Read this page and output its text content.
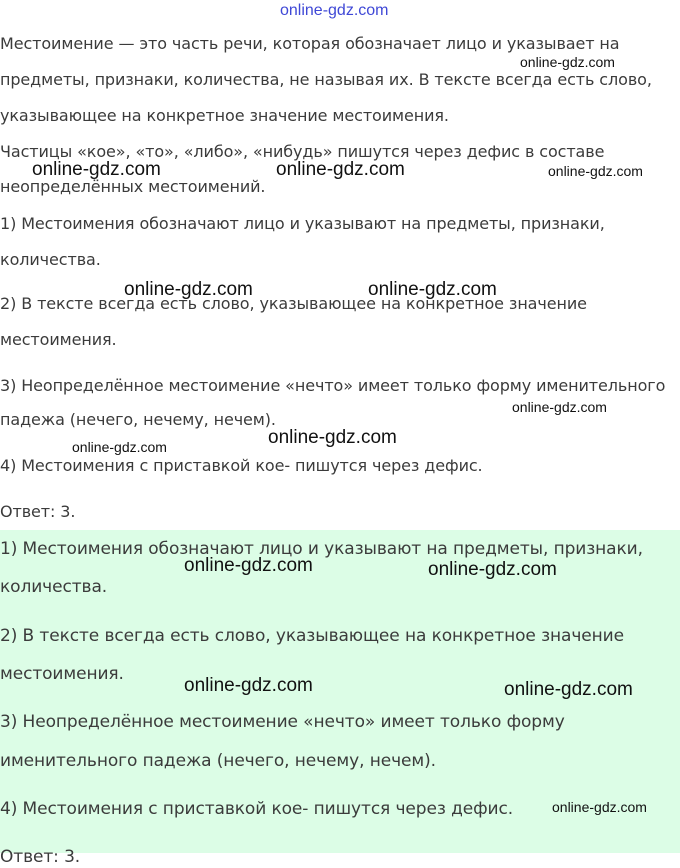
online-gdz.com
Местоимение — это часть речи, которая обозначает лицо и указывает на
предметы, признаки, количества, не называя их. В тексте всегда есть слово,
указывающее на конкретное значение местоимения.
Частицы «кое», «то», «либо», «нибудь» пишутся через дефис в составе
неопределённых местоимений.
1) Местоимения обозначают лицо и указывают на предметы, признаки,
количества.
2) В тексте всегда есть слово, указывающее на конкретное значение
местоимения.
3) Неопределённое местоимение «нечто» имеет только форму именительного
падежа (нечего, нечему, нечем).
4) Местоимения с приставкой кое- пишутся через дефис.
Ответ: 3.
1) Местоимения обозначают лицо и указывают на предметы, признаки,
количества.
2) В тексте всегда есть слово, указывающее на конкретное значение
местоимения.
3) Неопределённое местоимение «нечто» имеет только форму
именительного падежа (нечего, нечему, нечем).
4) Местоимения с приставкой кое- пишутся через дефис.
Ответ: 3.
online-gdz.com
online-gdz.com	online-gdz.com	online-gdz.com
online-gdz.com	online-gdz.com
online-gdz.com
online-gdz.com	online-gdz.com
online-gdz.com	online-gdz.com
online-gdz.com	online-gdz.com
online-gdz.com
